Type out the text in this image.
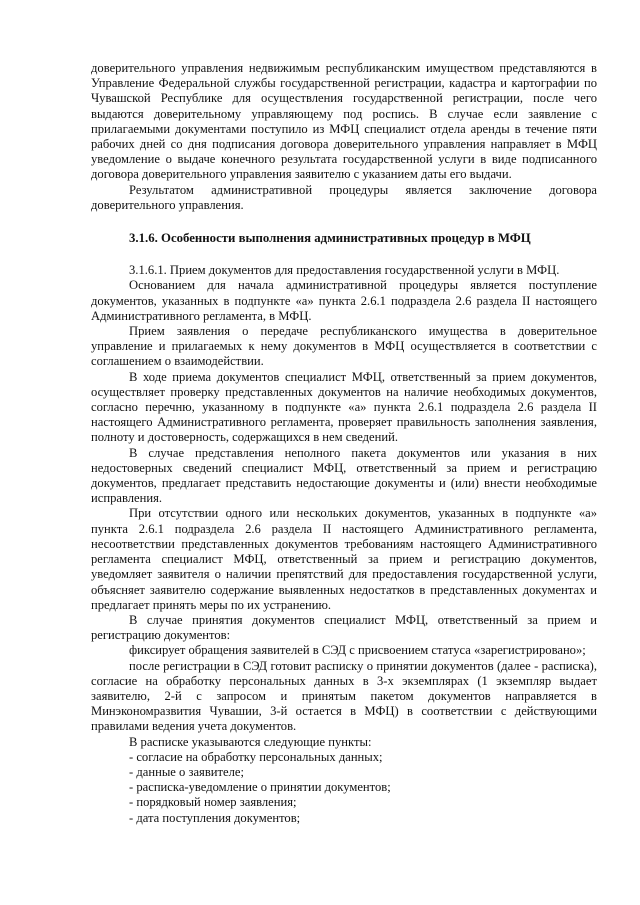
доверительного управления недвижимым республиканским имуществом представляются в Управление Федеральной службы государственной регистрации, кадастра и картографии по Чувашской Республике для осуществления государственной регистрации, после чего выдаются доверительному управляющему под роспись. В случае если заявление с прилагаемыми документами поступило из МФЦ специалист отдела аренды в течение пяти рабочих дней со дня подписания договора доверительного управления направляет в МФЦ уведомление о выдаче конечного результата государственной услуги в виде подписанного договора доверительного управления заявителю с указанием даты его выдачи.

Результатом административной процедуры является заключение договора доверительного управления.

3.1.6. Особенности выполнения административных процедур в МФЦ

3.1.6.1. Прием документов для предоставления государственной услуги в МФЦ.

Основанием для начала административной процедуры является поступление документов, указанных в подпункте «а» пункта 2.6.1 подраздела 2.6 раздела II настоящего Административного регламента, в МФЦ.

Прием заявления о передаче республиканского имущества в доверительное управление и прилагаемых к нему документов в МФЦ осуществляется в соответствии с соглашением о взаимодействии.

В ходе приема документов специалист МФЦ, ответственный за прием документов, осуществляет проверку представленных документов на наличие необходимых документов, согласно перечню, указанному в подпункте «а» пункта 2.6.1 подраздела 2.6 раздела II настоящего Административного регламента, проверяет правильность заполнения заявления, полноту и достоверность, содержащихся в нем сведений.

В случае представления неполного пакета документов или указания в них недостоверных сведений специалист МФЦ, ответственный за прием и регистрацию документов, предлагает представить недостающие документы и (или) внести необходимые исправления.

При отсутствии одного или нескольких документов, указанных в подпункте «а» пункта 2.6.1 подраздела 2.6 раздела II настоящего Административного регламента, несоответствии представленных документов требованиям настоящего Административного регламента специалист МФЦ, ответственный за прием и регистрацию документов, уведомляет заявителя о наличии препятствий для предоставления государственной услуги, объясняет заявителю содержание выявленных недостатков в представленных документах и предлагает принять меры по их устранению.

В случае принятия документов специалист МФЦ, ответственный за прием и регистрацию документов:

фиксирует обращения заявителей в СЭД с присвоением статуса «зарегистрировано»;

после регистрации в СЭД готовит расписку о принятии документов (далее - расписка), согласие на обработку персональных данных в 3-х экземплярах (1 экземпляр выдает заявителю, 2-й с запросом и принятым пакетом документов направляется в Минэкономразвития Чувашии, 3-й остается в МФЦ) в соответствии с действующими правилами ведения учета документов.

В расписке указываются следующие пункты:

- согласие на обработку персональных данных;
- данные о заявителе;
- расписка-уведомление о принятии документов;
- порядковый номер заявления;
- дата поступления документов;
